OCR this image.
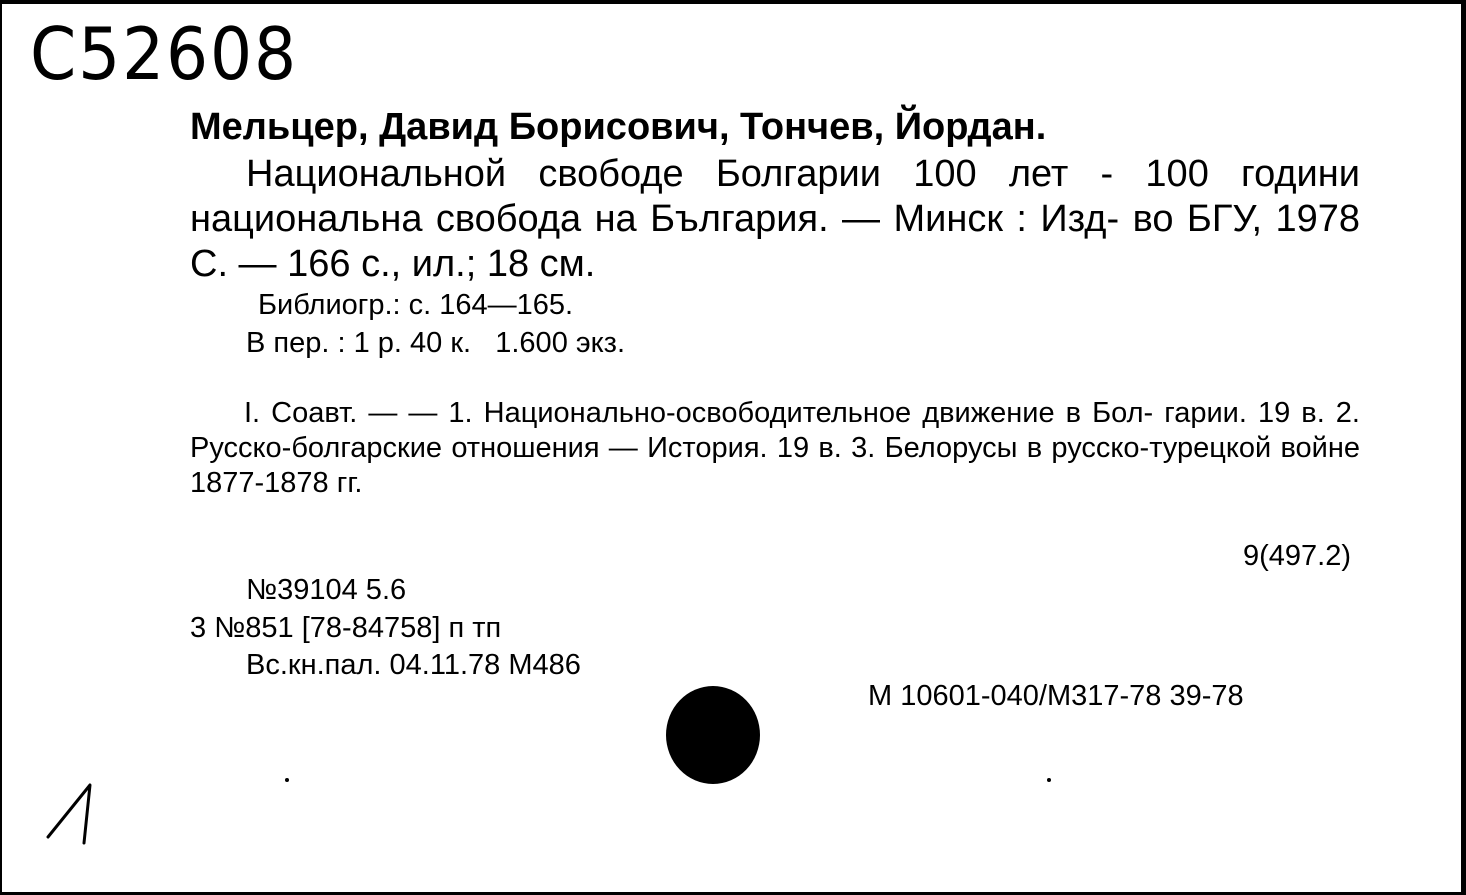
С52608
Мельцер, Давид Борисович, Тончев, Йордан.
Национальной свободе Болгарии 100 лет - 100 години национальна свобода на България. — Минск : Изд- во БГУ, 1978 С. — 166 с., ил.; 18 см.
Библиогр.: с. 164—165.
В пер. : 1 р. 40 к.   1.600 экз.
I. Соавт. — — 1. Национально-освободительное движение в Бол- гарии. 19 в. 2. Русско-болгарские отношения — История. 19 в. 3. Белорусы в русско-турецкой войне 1877-1878 гг.
9(497.2)
№39104 5.6
3 №851 [78-84758] п тп
Вс.кн.пал. 04.11.78 М486
М 10601-040/М317-78 39-78
